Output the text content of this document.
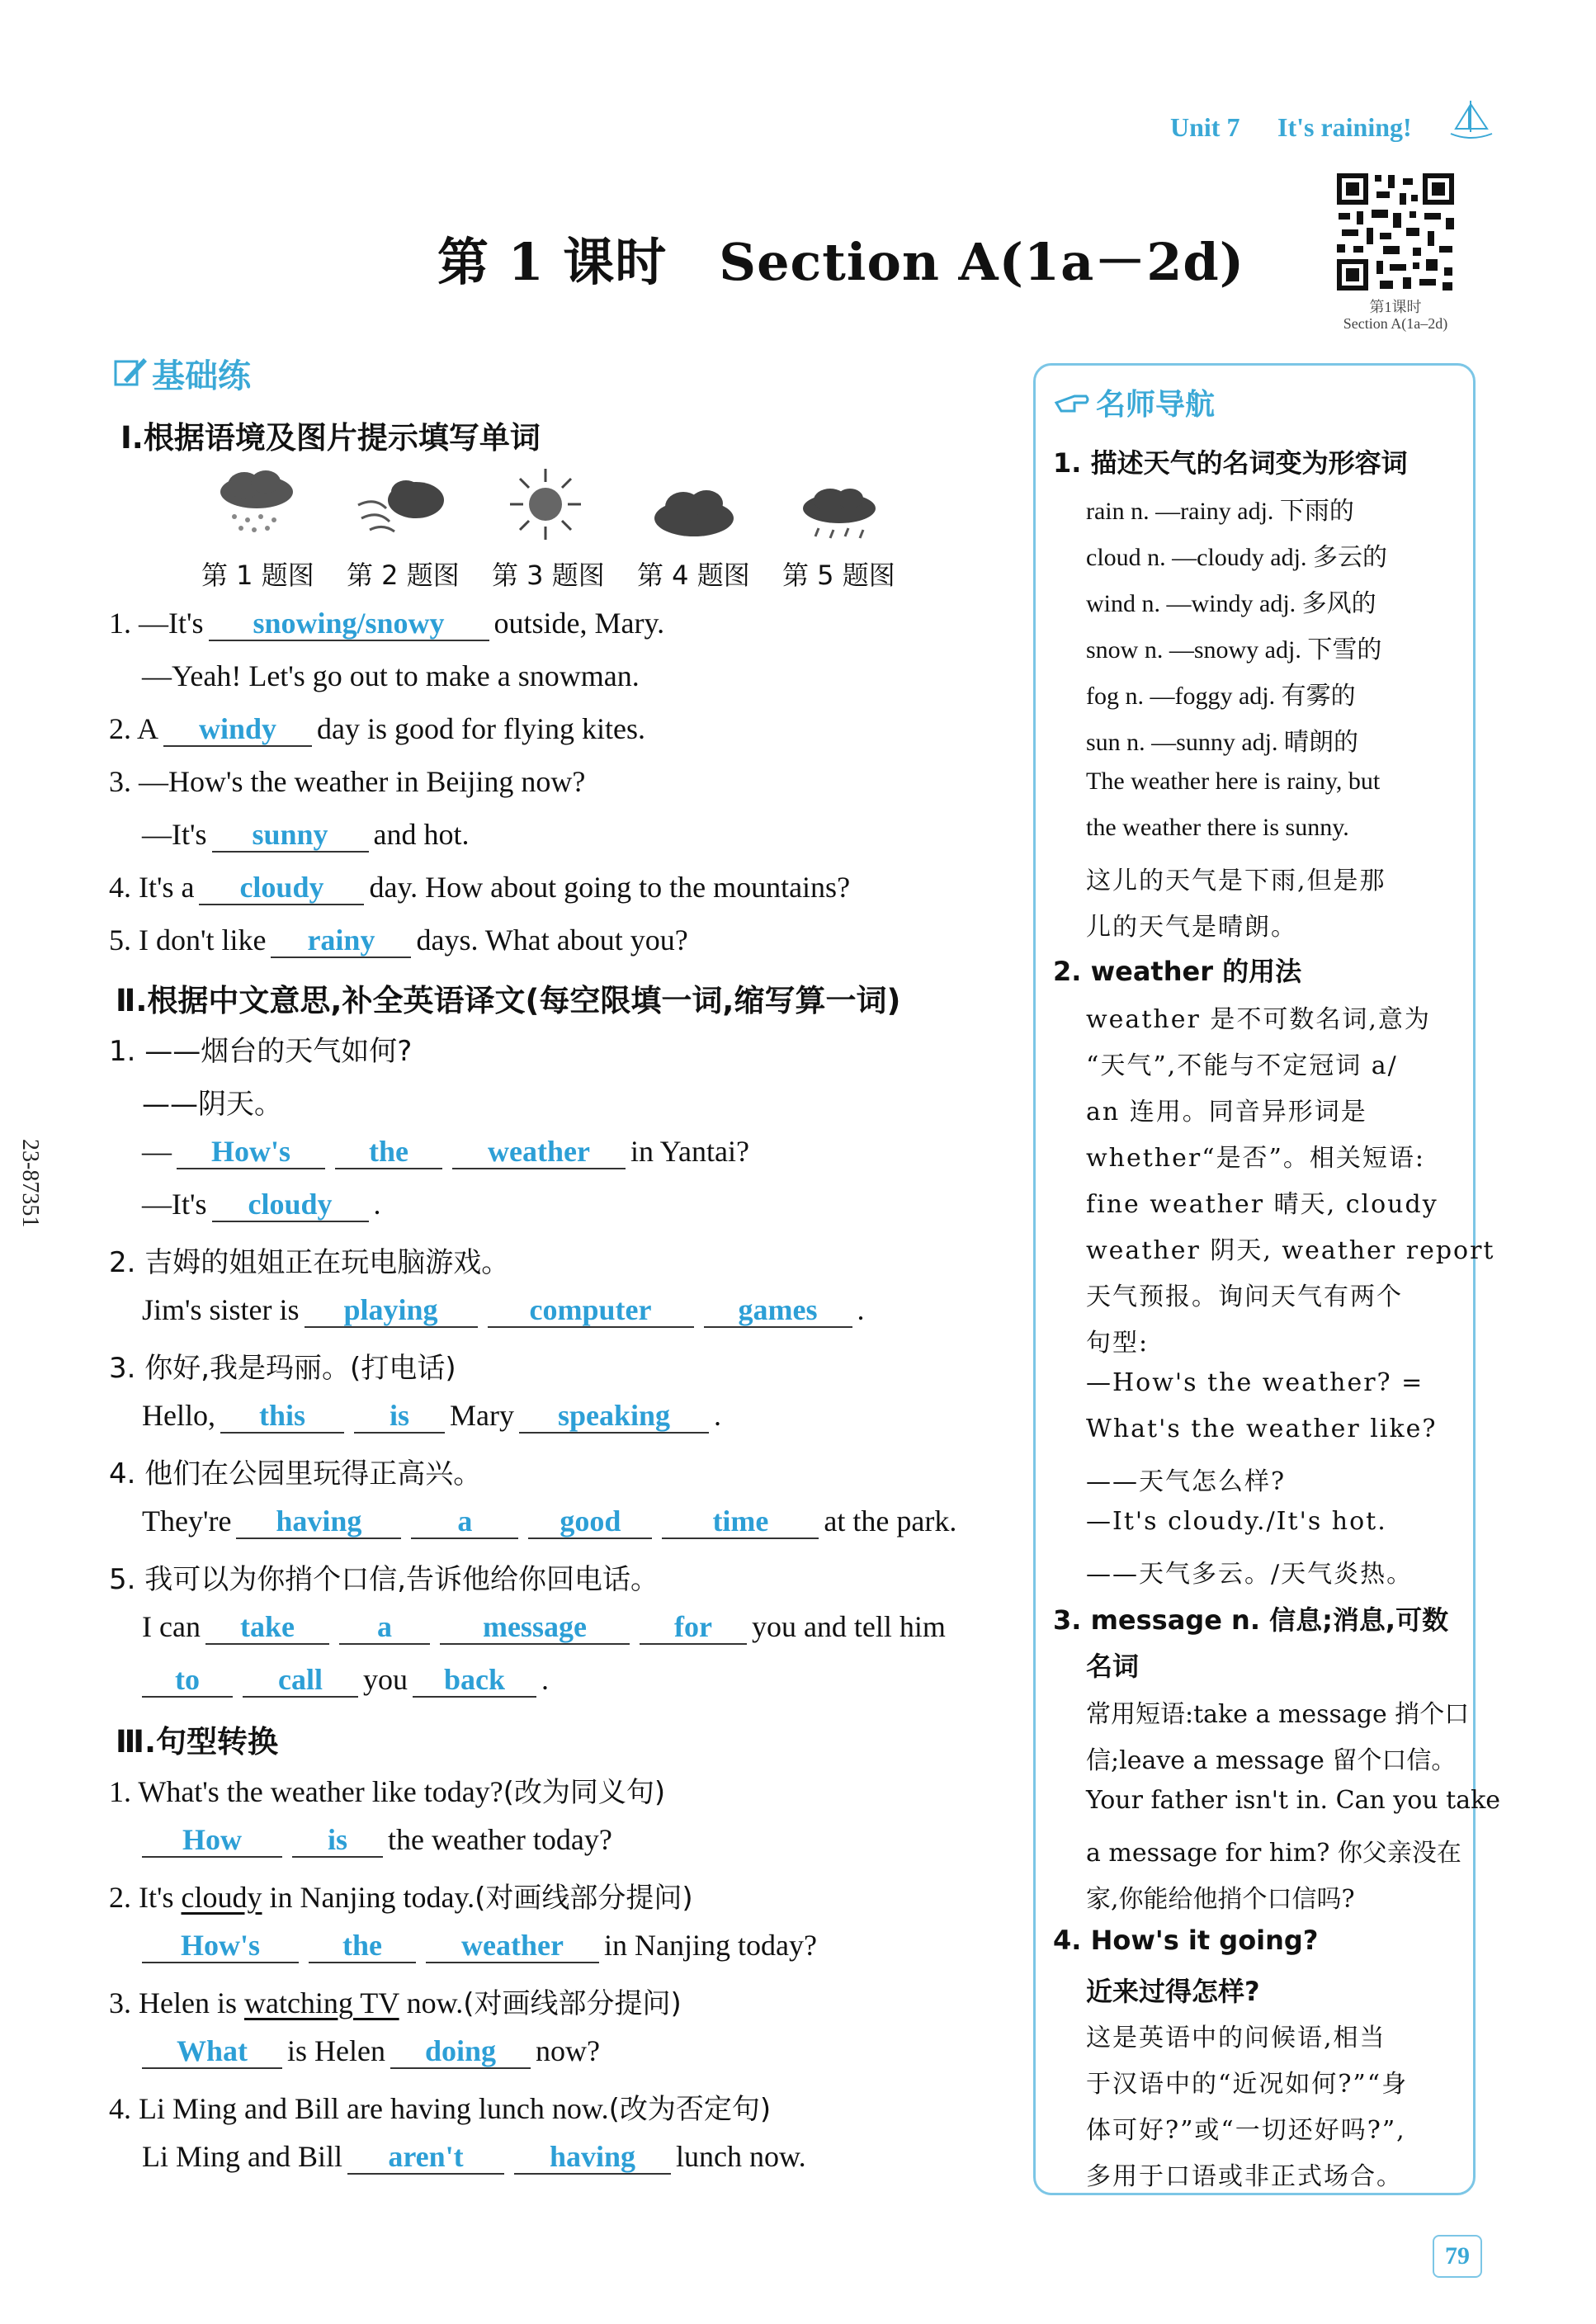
Unit 7 It's raining!
第 1 课时　Section A(1a－2d)
第1课时
Section A(1a–2d)
基础练
Ⅰ.根据语境及图片提示填写单词
第 1 题图 第 2 题图 第 3 题图 第 4 题图 第 5 题图
1. —It's snowing/snowy outside, Mary.
—Yeah! Let's go out to make a snowman.
2. A windy day is good for flying kites.
3. —How's the weather in Beijing now?
—It's sunny and hot.
4. It's a cloudy day. How about going to the mountains?
5. I don't like rainy days. What about you?
Ⅱ.根据中文意思,补全英语译文(每空限填一词,缩写算一词)
1. ——烟台的天气如何?
——阴天。
— How's	the	weather in Yantai?
—It's cloudy .
2. 吉姆的姐姐正在玩电脑游戏。
Jim's sister is playing	computer	games .
3. 你好,我是玛丽。(打电话)
Hello, this	is Mary speaking .
4. 他们在公园里玩得正高兴。
They're having	a	good	time at the park.
5. 我可以为你捎个口信,告诉他给你回电话。
I can take	a	message	for you and tell him
to	call you back .
Ⅲ.句型转换
1. What's the weather like today?(改为同义句)
How	is the weather today?
2. It's cloudy in Nanjing today.(对画线部分提问)
How's	the	weather in Nanjing today?
3. Helen is watching TV now.(对画线部分提问)
What is Helen doing now?
4. Li Ming and Bill are having lunch now.(改为否定句)
Li Ming and Bill aren't	having lunch now.
23-87351
名师导航
1. 描述天气的名词变为形容词
rain n. —rainy adj. 下雨的
cloud n. —cloudy adj. 多云的
wind n. —windy adj. 多风的
snow n. —snowy adj. 下雪的
fog n. —foggy adj. 有雾的
sun n. —sunny adj. 晴朗的
The weather here is rainy, but
the weather there is sunny.
这儿的天气是下雨,但是那
儿的天气是晴朗。
2. weather 的用法
weather 是不可数名词,意为
“天气”,不能与不定冠词 a/
an 连用。同音异形词是
whether“是否”。相关短语:
fine weather 晴天, cloudy
weather 阴天, weather report
天气预报。询问天气有两个
句型:
—How's the weather? =
What's the weather like?
——天气怎么样?
—It's cloudy./It's hot.
——天气多云。/天气炎热。
3. message n. 信息;消息,可数
名词
常用短语:take a message 捎个口
信;leave a message 留个口信。
Your father isn't in. Can you take
a message for him? 你父亲没在
家,你能给他捎个口信吗?
4. How's it going?
近来过得怎样?
这是英语中的问候语,相当
于汉语中的“近况如何?”“身
体可好?”或“一切还好吗?”,
多用于口语或非正式场合。
79
